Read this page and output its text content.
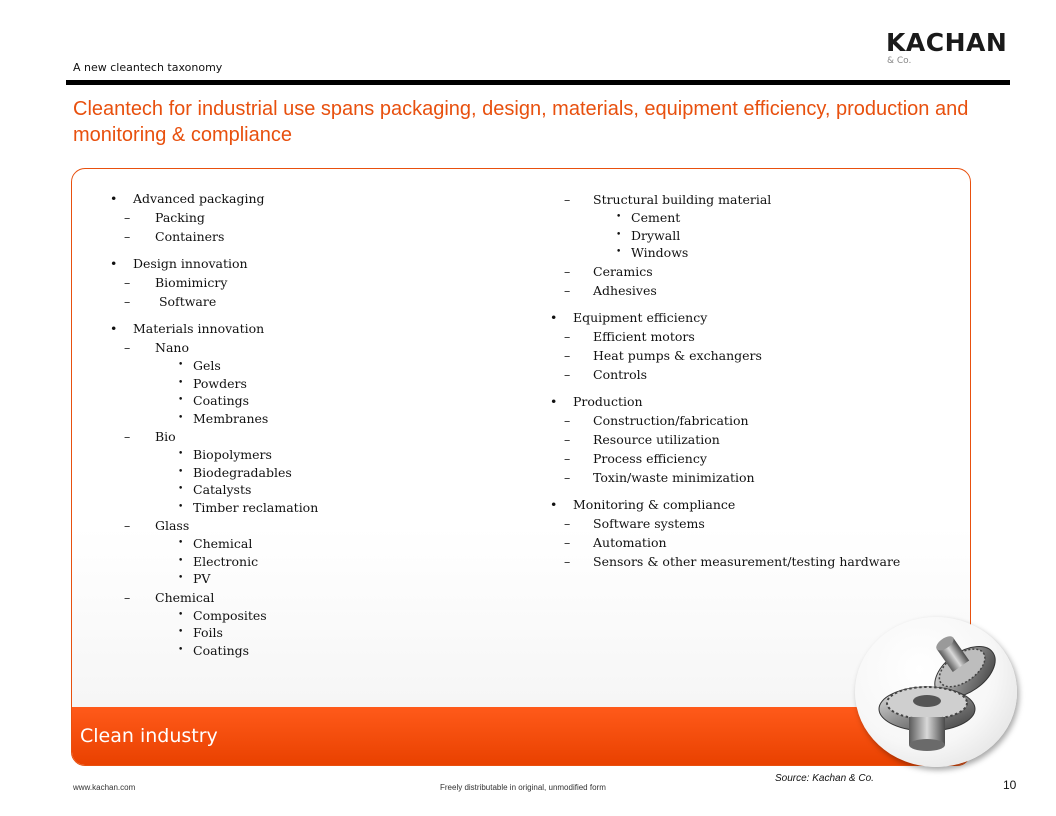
A new cleantech taxonomy
KACHAN
& Co.
Cleantech for industrial use spans packaging, design, materials, equipment efficiency, production and monitoring & compliance
Clean industry
• Advanced packaging
– Packing
– Containers
• Design innovation
– Biomimicry
–  Software
• Materials innovation
– Nano
• Gels
• Powders
• Coatings
• Membranes
– Bio
• Biopolymers
• Biodegradables
• Catalysts
• Timber reclamation
– Glass
• Chemical
• Electronic
• PV
– Chemical
• Composites
• Foils
• Coatings
– Structural building material
• Cement
• Drywall
• Windows
– Ceramics
– Adhesives
• Equipment efficiency
– Efficient motors
– Heat pumps & exchangers
– Controls
• Production
– Construction/fabrication
– Resource utilization
– Process efficiency
– Toxin/waste minimization
• Monitoring & compliance
– Software systems
– Automation
– Sensors & other measurement/testing hardware
Source: Kachan & Co.
www.kachan.com	Freely distributable in original, unmodified form	10
